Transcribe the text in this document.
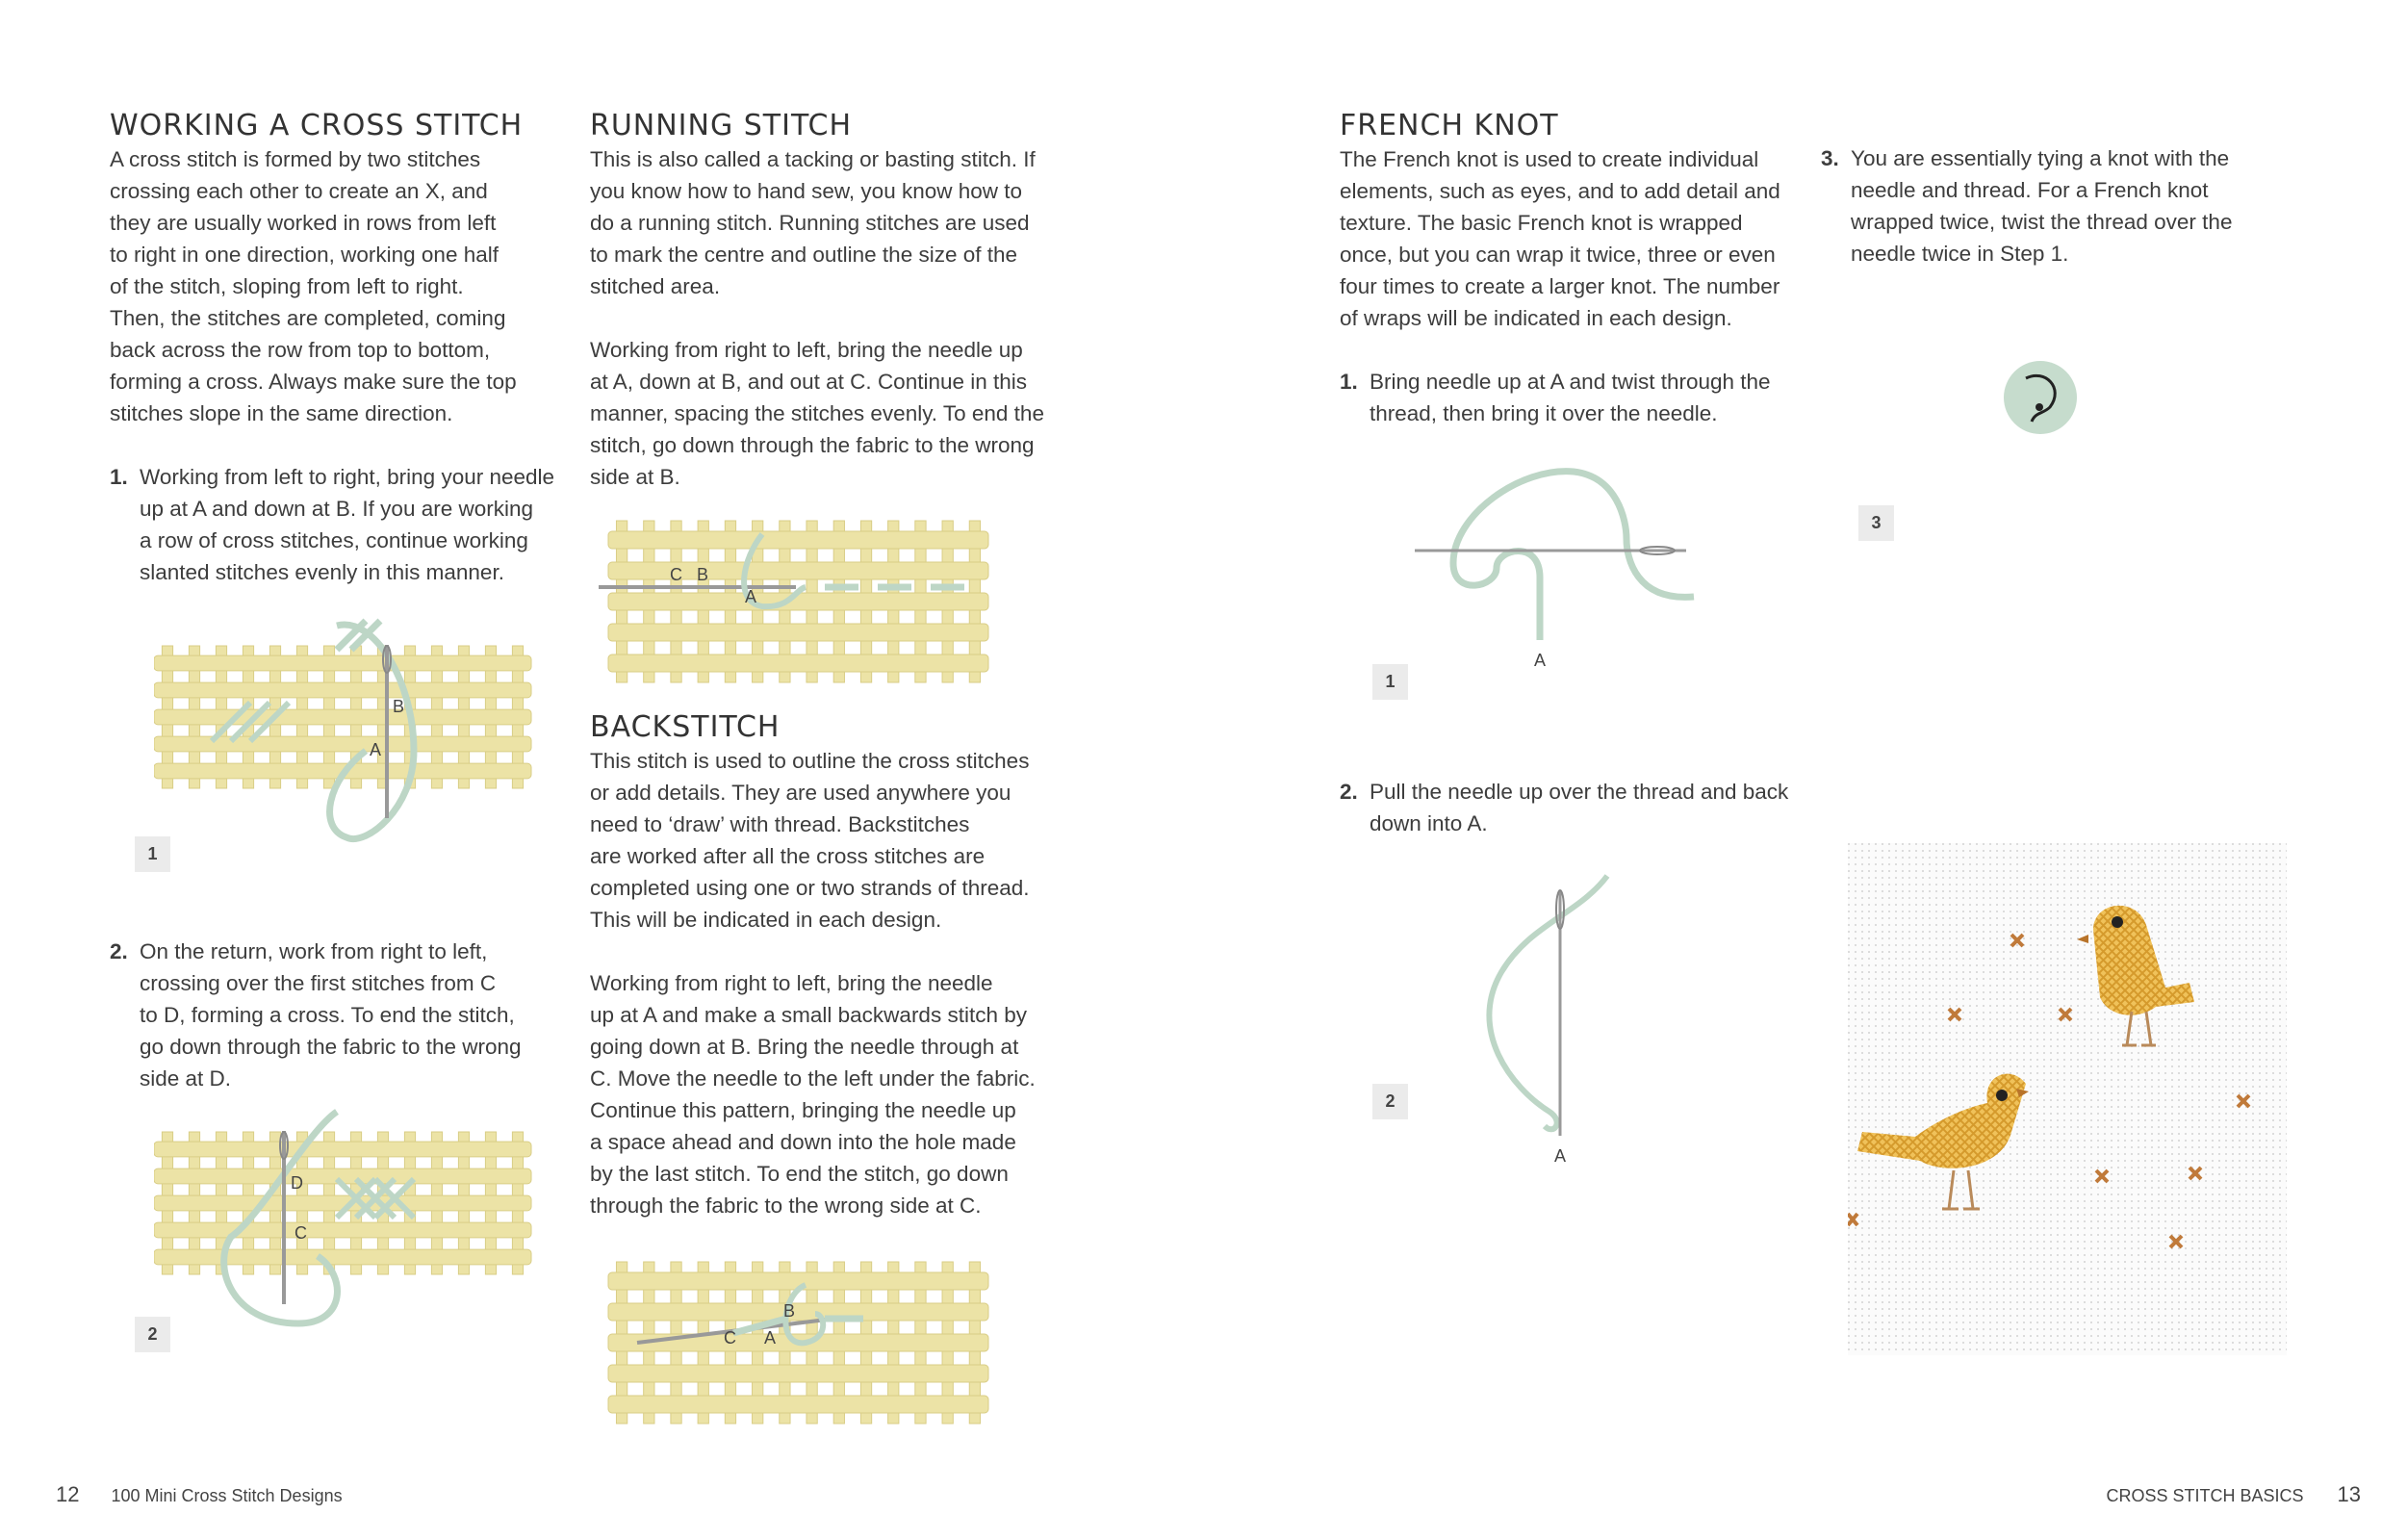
WORKING A CROSS STITCH

A cross stitch is formed by two stitches

crossing each other to create an X, and

they are usually worked in rows from left

to right in one direction, working one half

of the stitch, sloping from left to right.

Then, the stitches are completed, coming

back across the row from top to bottom,

forming a cross. Always make sure the top

stitches slope in the same direction.

1. Working from left to right, bring your needle

up at A and down at B. If you are working

a row of cross stitches, continue working

slanted stitches evenly in this manner.

B
A
1
2. On the return, work from right to left,

crossing over the first stitches from C

to D, forming a cross. To end the stitch,

go down through the fabric to the wrong

side at D.

D
C
2
RUNNING STITCH

This is also called a tacking or basting stitch. If

you know how to hand sew, you know how to

do a running stitch. Running stitches are used

to mark the centre and outline the size of the

stitched area.

Working from right to left, bring the needle up

at A, down at B, and out at C. Continue in this

manner, spacing the stitches evenly. To end the

stitch, go down through the fabric to the wrong

side at B.

C B
A
BACKSTITCH

This stitch is used to outline the cross stitches

or add details. They are used anywhere you

need to ‘draw’ with thread. Backstitches

are worked after all the cross stitches are

completed using one or two strands of thread.

This will be indicated in each design.

Working from right to left, bring the needle

up at A and make a small backwards stitch by

going down at B. Bring the needle through at

C. Move the needle to the left under the fabric.

Continue this pattern, bringing the needle up

a space ahead and down into the hole made

by the last stitch. To end the stitch, go down

through the fabric to the wrong side at C.

B
C A
FRENCH KNOT

The French knot is used to create individual

elements, such as eyes, and to add detail and

texture. The basic French knot is wrapped

once, but you can wrap it twice, three or even

four times to create a larger knot. The number

of wraps will be indicated in each design.

1. Bring needle up at A and twist through the

thread, then bring it over the needle.

A
1
2. Pull the needle up over the thread and back

down into A.

A
2
3. You are essentially tying a knot with the

needle and thread. For a French knot

wrapped twice, twist the thread over the

needle twice in Step 1.

3
12 100 Mini Cross Stitch Designs	CROSS STITCH BASICS 13
